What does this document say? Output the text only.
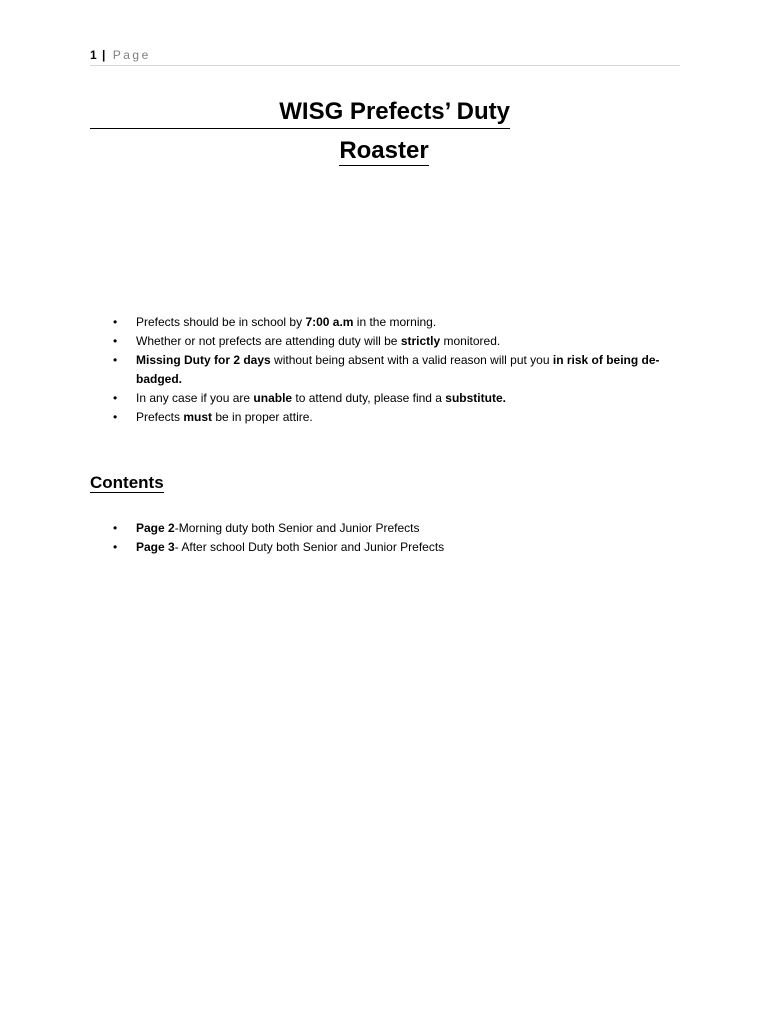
1 | Page
WISG Prefects’ Duty
Roaster
• Prefects should be in school by 7:00 a.m in the morning.
• Whether or not prefects are attending duty will be strictly monitored.
• Missing Duty for 2 days without being absent with a valid reason will put you in risk of being de-badged.
• In any case if you are unable to attend duty, please find a substitute.
• Prefects must be in proper attire.
Contents
• Page 2-Morning duty both Senior and Junior Prefects
• Page 3- After school Duty both Senior and Junior Prefects
